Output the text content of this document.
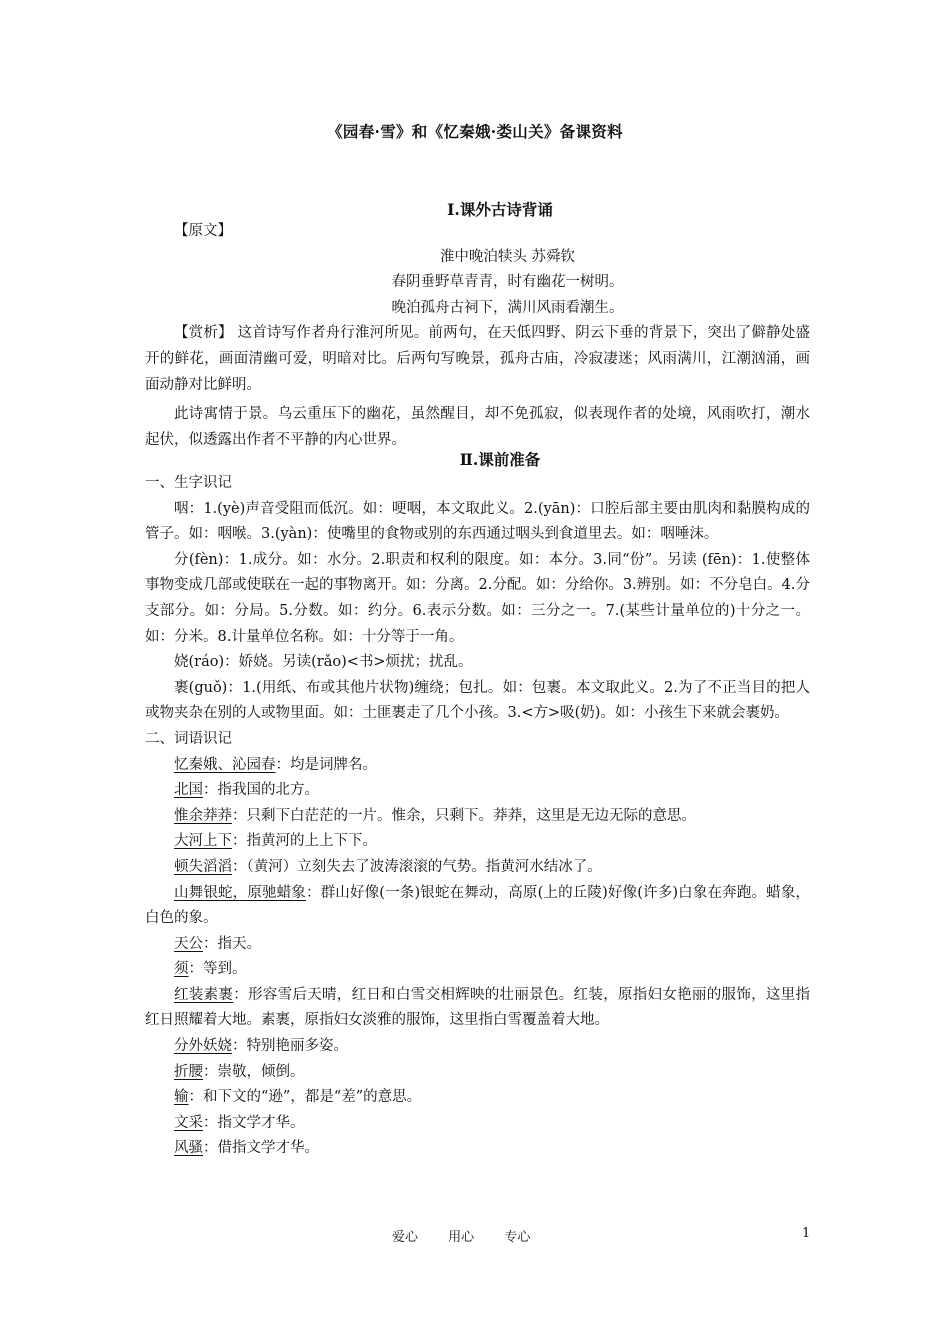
《园春·雪》和《忆秦娥·娄山关》备课资料
Ⅰ.课外古诗背诵

【原文】

淮中晚泊犊头 苏舜钦

春阴垂野草青青，时有幽花一树明。

晚泊孤舟古祠下，满川风雨看潮生。

【赏析】 这首诗写作者舟行淮河所见。前两句，在天低四野、阴云下垂的背景下，突出了僻静处盛开的鲜花，画面清幽可爱，明暗对比。后两句写晚景，孤舟古庙，冷寂凄迷；风雨满川，江潮汹涌，画面动静对比鲜明。

此诗寓情于景。乌云重压下的幽花，虽然醒目，却不免孤寂，似表现作者的处境，风雨吹打，潮水起伏，似透露出作者不平静的内心世界。

Ⅱ.课前准备

一、生字识记

咽：1.(yè)声音受阻而低沉。如：哽咽，本文取此义。2.(yān)：口腔后部主要由肌肉和黏膜构成的管子。如：咽喉。3.(yàn)：使嘴里的食物或别的东西通过咽头到食道里去。如：咽唾沫。

分(fèn)：1.成分。如：水分。2.职责和权利的限度。如：本分。3.同“份”。另读 (fēn)：1.使整体事物变成几部或使联在一起的事物离开。如：分离。2.分配。如：分给你。3.辨别。如：不分皂白。4.分支部分。如：分局。5.分数。如：约分。6.表示分数。如：三分之一。7.(某些计量单位的)十分之一。如：分米。8.计量单位名称。如：十分等于一角。

娆(ráo)：娇娆。另读(rǎo)<书>烦扰；扰乱。

裹(guǒ)：1.(用纸、布或其他片状物)缠绕；包扎。如：包裹。本文取此义。2.为了不正当目的把人或物夹杂在别的人或物里面。如：土匪裹走了几个小孩。3.<方>吸(奶)。如：小孩生下来就会裹奶。

二、词语识记

忆秦娥、沁园春：均是词牌名。

北国：指我国的北方。

惟余莽莽：只剩下白茫茫的一片。惟余，只剩下。莽莽，这里是无边无际的意思。

大河上下：指黄河的上上下下。

顿失滔滔：（黄河）立刻失去了波涛滚滚的气势。指黄河水结冰了。

山舞银蛇，原驰蜡象：群山好像(一条)银蛇在舞动，高原(上的丘陵)好像(许多)白象在奔跑。蜡象，白色的象。

天公：指天。

须：等到。

红装素裹：形容雪后天晴，红日和白雪交相辉映的壮丽景色。红装，原指妇女艳丽的服饰，这里指红日照耀着大地。素裹，原指妇女淡雅的服饰，这里指白雪覆盖着大地。

分外妖娆：特别艳丽多姿。

折腰：崇敬，倾倒。

输：和下文的“逊”，都是“差”的意思。

文采：指文学才华。

风骚：借指文学才华。

爱心 用心 专心	1
